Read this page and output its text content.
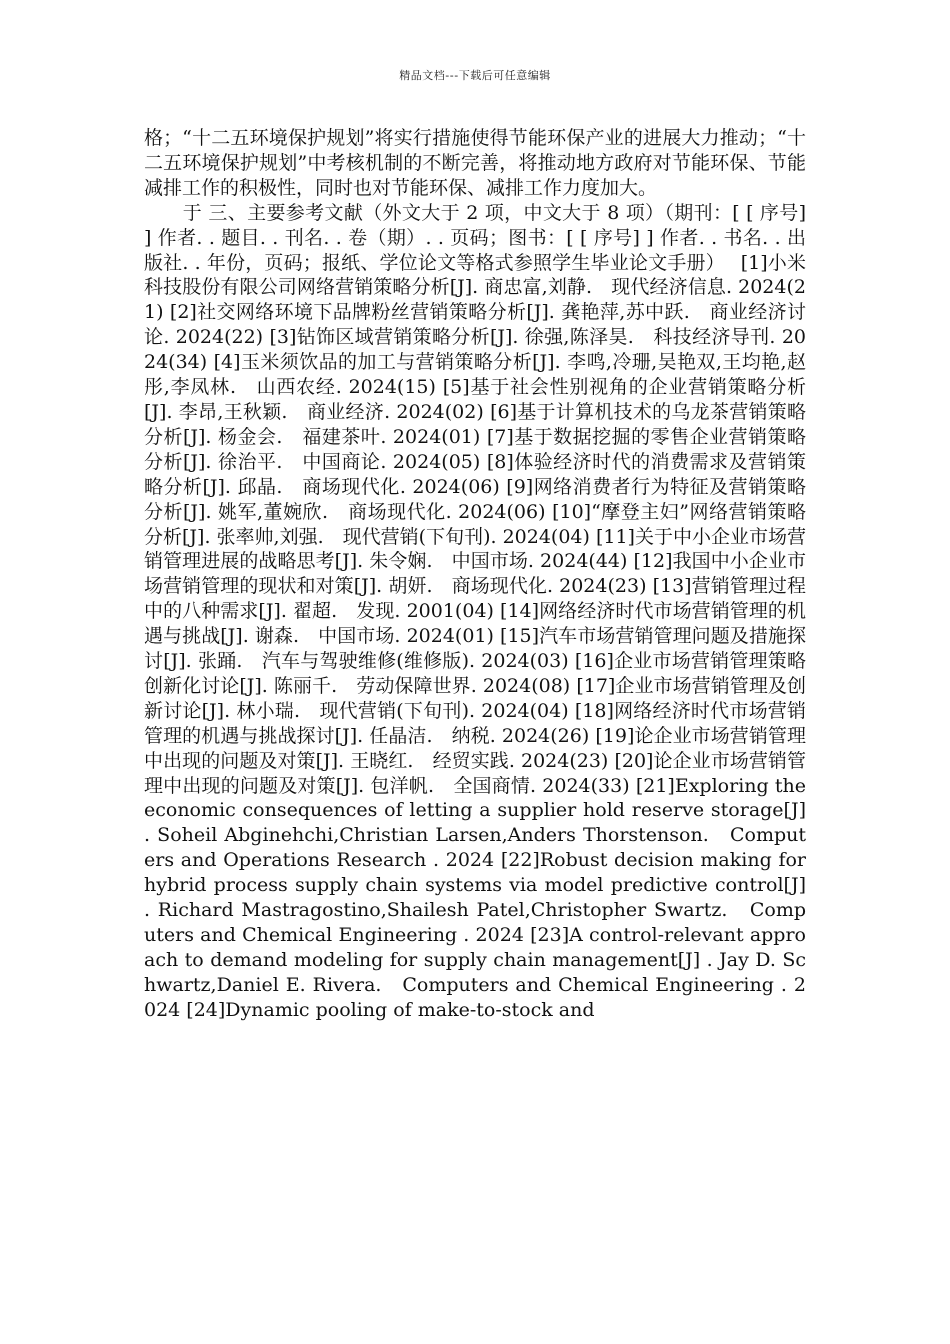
精品文档---下载后可任意编辑

格；“十二五环境保护规划”将实行措施使得节能环保产业的进展大力推动；“十二五环境保护规划”中考核机制的不断完善，将推动地方政府对节能环保、节能减排工作的积极性，同时也对节能环保、减排工作力度加大。

　　于 三、主要参考文献（外文大于 2 项，中文大于 8 项）（期刊：[ [ 序号] ] 作者. . 题目. . 刊名. . 卷（期）. . 页码；图书：[ [ 序号] ] 作者. . 书名. . 出版社. . 年份，页码；报纸、学位论文等格式参照学生毕业论文手册）　 [1]小米科技股份有限公司网络营销策略分析[J]. 商忠富,刘静.　现代经济信息. 2024(21) [2]社交网络环境下品牌粉丝营销策略分析[J]. 龚艳萍,苏中跃.　商业经济讨论. 2024(22) [3]钻饰区域营销策略分析[J]. 徐强,陈泽昊.　科技经济导刊. 2024(34) [4]玉米须饮品的加工与营销策略分析[J]. 李鸣,冷珊,吴艳双,王均艳,赵彤,李凤林.　山西农经. 2024(15) [5]基于社会性别视角的企业营销策略分析[J]. 李昂,王秋颖.　商业经济. 2024(02) [6]基于计算机技术的乌龙茶营销策略分析[J]. 杨金会.　福建茶叶. 2024(01) [7]基于数据挖掘的零售企业营销策略分析[J]. 徐治平.　中国商论. 2024(05) [8]体验经济时代的消费需求及营销策略分析[J]. 邱晶.　商场现代化. 2024(06) [9]网络消费者行为特征及营销策略分析[J]. 姚军,董婉欣.　商场现代化. 2024(06) [10]“摩登主妇”网络营销策略分析[J]. 张率帅,刘强.　现代营销(下旬刊). 2024(04) [11]关于中小企业市场营销管理进展的战略思考[J]. 朱令娴.　中国市场. 2024(44) [12]我国中小企业市场营销管理的现状和对策[J]. 胡妍.　商场现代化. 2024(23) [13]营销管理过程中的八种需求[J]. 翟超.　发现. 2001(04) [14]网络经济时代市场营销管理的机遇与挑战[J]. 谢森.　中国市场. 2024(01) [15]汽车市场营销管理问题及措施探讨[J]. 张踊.　汽车与驾驶维修(维修版). 2024(03) [16]企业市场营销管理策略创新化讨论[J]. 陈丽千.　劳动保障世界. 2024(08) [17]企业市场营销管理及创新讨论[J]. 林小瑞.　现代营销(下旬刊). 2024(04) [18]网络经济时代市场营销管理的机遇与挑战探讨[J]. 任晶洁.　纳税. 2024(26) [19]论企业市场营销管理中出现的问题及对策[J]. 王晓红.　经贸实践. 2024(23) [20]论企业市场营销管理中出现的问题及对策[J]. 包洋帆.　全国商情. 2024(33) [21]Exploring the economic consequences of letting a supplier hold reserve storage[J] . Soheil Abginehchi,Christian Larsen,Anders Thorstenson.　Computers and Operations Research . 2024 [22]Robust decision making for hybrid process supply chain systems via model predictive control[J] . Richard Mastragostino,Shailesh Patel,Christopher Swartz.　Computers and Chemical Engineering . 2024 [23]A control-relevant approach to demand modeling for supply chain management[J] . Jay D. Schwartz,Daniel E. Rivera.　Computers and Chemical Engineering . 2024 [24]Dynamic pooling of make-to-stock and
